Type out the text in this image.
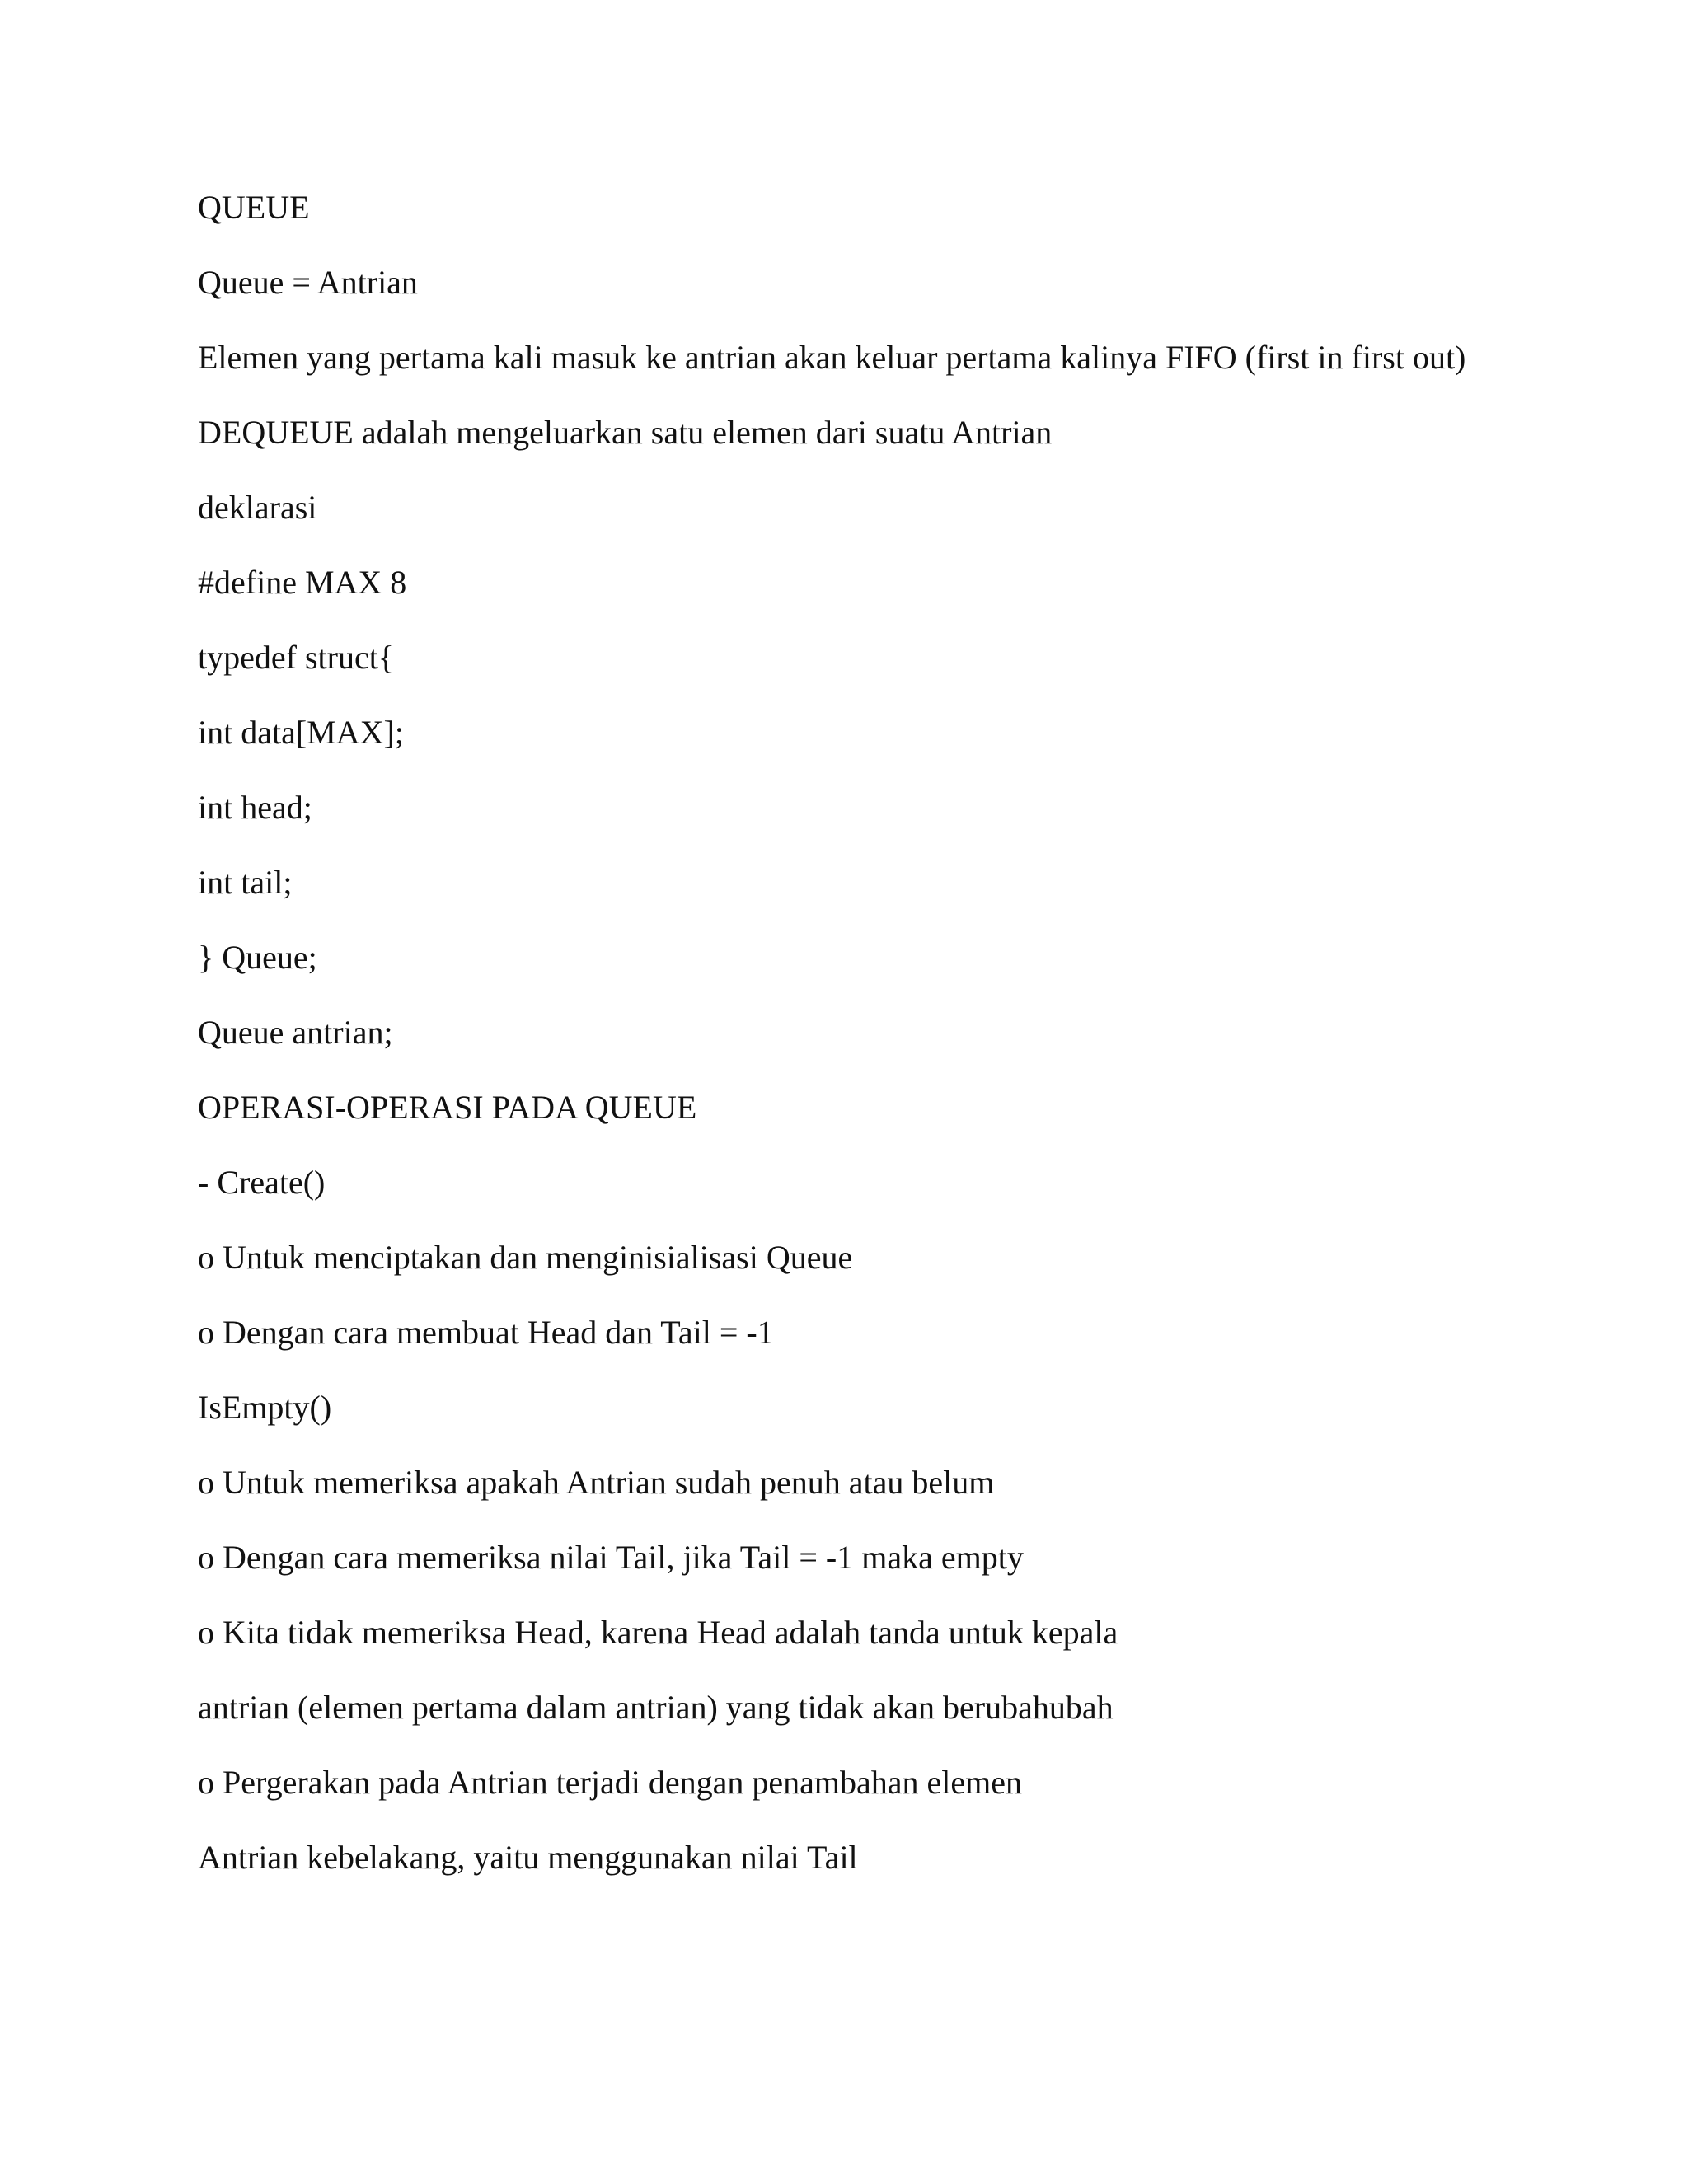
QUEUE
Queue = Antrian
Elemen yang pertama kali masuk ke antrian akan keluar pertama kalinya FIFO (first in first out)
DEQUEUE adalah mengeluarkan satu elemen dari suatu Antrian
deklarasi
#define MAX 8
typedef struct{
int data[MAX];
int head;
int tail;
} Queue;
Queue antrian;
OPERASI-OPERASI PADA QUEUE
- Create()
o Untuk menciptakan dan menginisialisasi Queue
o Dengan cara membuat Head dan Tail = -1
IsEmpty()
o Untuk memeriksa apakah Antrian sudah penuh atau belum
o Dengan cara memeriksa nilai Tail, jika Tail = -1 maka empty
o Kita tidak memeriksa Head, karena Head adalah tanda untuk kepala
antrian (elemen pertama dalam antrian) yang tidak akan berubahubah
o Pergerakan pada Antrian terjadi dengan penambahan elemen
Antrian kebelakang, yaitu menggunakan nilai Tail
